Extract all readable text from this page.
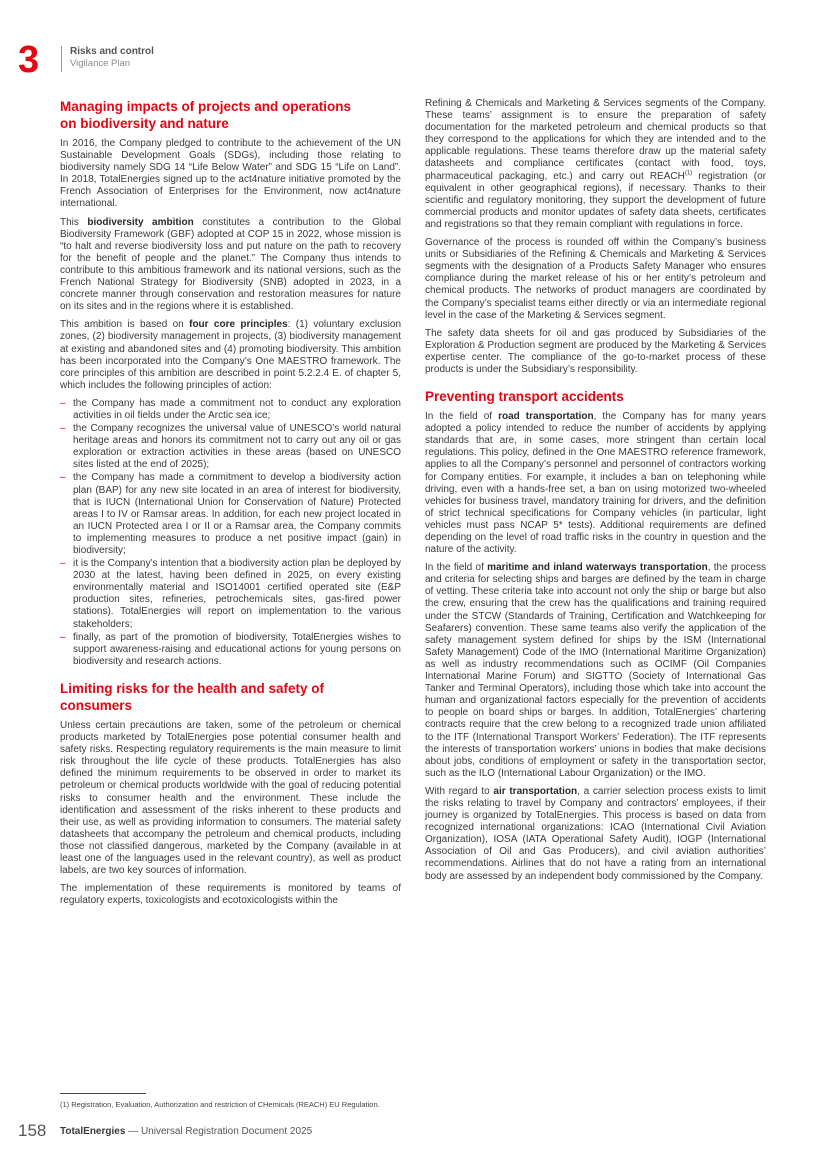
3	Risks and control
Vigilance Plan
Managing impacts of projects and operations on biodiversity and nature

In 2016, the Company pledged to contribute to the achievement of the UN Sustainable Development Goals (SDGs), including those relating to biodiversity namely SDG 14 “Life Below Water” and SDG 15 “Life on Land”. In 2018, TotalEnergies signed up to the act4nature initiative promoted by the French Association of Enterprises for the Environment, now act4nature international.

This biodiversity ambition constitutes a contribution to the Global Biodiversity Framework (GBF) adopted at COP 15 in 2022, whose mission is “to halt and reverse biodiversity loss and put nature on the path to recovery for the benefit of people and the planet.” The Company thus intends to contribute to this ambitious framework and its national versions, such as the French National Strategy for Biodiversity (SNB) adopted in 2023, in a concrete manner through conservation and restoration measures for nature on its sites and in the regions where it is established.

This ambition is based on four core principles: (1) voluntary exclusion zones, (2) biodiversity management in projects, (3) biodiversity management at existing and abandoned sites and (4) promoting biodiversity. This ambition has been incorporated into the Company’s One MAESTRO framework. The core principles of this ambition are described in point 5.2.2.4 E. of chapter 5, which includes the following principles of action:

– the Company has made a commitment not to conduct any exploration activities in oil fields under the Arctic sea ice;
– the Company recognizes the universal value of UNESCO’s world natural heritage areas and honors its commitment not to carry out any oil or gas exploration or extraction activities in these areas (based on UNESCO sites listed at the end of 2025);
– the Company has made a commitment to develop a biodiversity action plan (BAP) for any new site located in an area of interest for biodiversity, that is IUCN (International Union for Conservation of Nature) Protected areas I to IV or Ramsar areas. In addition, for each new project located in an IUCN Protected area I or II or a Ramsar area, the Company commits to implementing measures to produce a net positive impact (gain) in biodiversity;
– it is the Company’s intention that a biodiversity action plan be deployed by 2030 at the latest, having been defined in 2025, on every existing environmentally material and ISO14001 certified operated site (E&P production sites, refineries, petrochemicals sites, gas-fired power stations). TotalEnergies will report on implementation to the various stakeholders;
– finally, as part of the promotion of biodiversity, TotalEnergies wishes to support awareness-raising and educational actions for young persons on biodiversity and research actions.
Limiting risks for the health and safety of consumers

Unless certain precautions are taken, some of the petroleum or chemical products marketed by TotalEnergies pose potential consumer health and safety risks. Respecting regulatory requirements is the main measure to limit risk throughout the life cycle of these products. TotalEnergies has also defined the minimum requirements to be observed in order to market its petroleum or chemical products worldwide with the goal of reducing potential risks to consumer health and the environment. These include the identification and assessment of the risks inherent to these products and their use, as well as providing information to consumers. The material safety datasheets that accompany the petroleum and chemical products, including those not classified dangerous, marketed by the Company (available in at least one of the languages used in the relevant country), as well as product labels, are two key sources of information.

The implementation of these requirements is monitored by teams of regulatory experts, toxicologists and ecotoxicologists within the

Refining & Chemicals and Marketing & Services segments of the Company. These teams’ assignment is to ensure the preparation of safety documentation for the marketed petroleum and chemical products so that they correspond to the applications for which they are intended and to the applicable regulations. These teams therefore draw up the material safety datasheets and compliance certificates (contact with food, toys, pharmaceutical packaging, etc.) and carry out REACH$^{(1)}$ registration (or equivalent in other geographical regions), if necessary. Thanks to their scientific and regulatory monitoring, they support the development of future commercial products and monitor updates of safety data sheets, certificates and registrations so that they remain compliant with regulations in force.

Governance of the process is rounded off within the Company’s business units or Subsidiaries of the Refining & Chemicals and Marketing & Services segments with the designation of a Products Safety Manager who ensures compliance during the market release of his or her entity’s petroleum and chemical products. The networks of product managers are coordinated by the Company’s specialist teams either directly or via an intermediate regional level in the case of the Marketing & Services segment.

The safety data sheets for oil and gas produced by Subsidiaries of the Exploration & Production segment are produced by the Marketing & Services expertise center. The compliance of the go-to-market process of these products is under the Subsidiary’s responsibility.

Preventing transport accidents

In the field of road transportation, the Company has for many years adopted a policy intended to reduce the number of accidents by applying standards that are, in some cases, more stringent than certain local regulations. This policy, defined in the One MAESTRO reference framework, applies to all the Company’s personnel and personnel of contractors working for Company entities. For example, it includes a ban on telephoning while driving, even with a hands-free set, a ban on using motorized two-wheeled vehicles for business travel, mandatory training for drivers, and the definition of strict technical specifications for Company vehicles (in particular, light vehicles must pass NCAP 5* tests). Additional requirements are defined depending on the level of road traffic risks in the country in question and the nature of the activity.

In the field of maritime and inland waterways transportation, the process and criteria for selecting ships and barges are defined by the team in charge of vetting. These criteria take into account not only the ship or barge but also the crew, ensuring that the crew has the qualifications and training required under the STCW (Standards of Training, Certification and Watchkeeping for Seafarers) convention. These same teams also verify the application of the safety management system defined for ships by the ISM (International Safety Management) Code of the IMO (International Maritime Organization) as well as industry recommendations such as OCIMF (Oil Companies International Marine Forum) and SIGTTO (Society of International Gas Tanker and Terminal Operators), including those which take into account the human and organizational factors especially for the prevention of accidents to people on board ships or barges. In addition, TotalEnergies’ chartering contracts require that the crew belong to a recognized trade union affiliated to the ITF (International Transport Workers’ Federation). The ITF represents the interests of transportation workers’ unions in bodies that make decisions about jobs, conditions of employment or safety in the transportation sector, such as the ILO (International Labour Organization) or the IMO.

With regard to air transportation, a carrier selection process exists to limit the risks relating to travel by Company and contractors’ employees, if their journey is organized by TotalEnergies. This process is based on data from recognized international organizations: ICAO (International Civil Aviation Organization), IOSA (IATA Operational Safety Audit), IOGP (International Association of Oil and Gas Producers), and civil aviation authorities’ recommendations. Airlines that do not have a rating from an international body are assessed by an independent body commissioned by the Company.

(1) Registration, Evaluation, Authorization and restriction of CHemicals (REACH) EU Regulation.
158 TotalEnergies — Universal Registration Document 2025
